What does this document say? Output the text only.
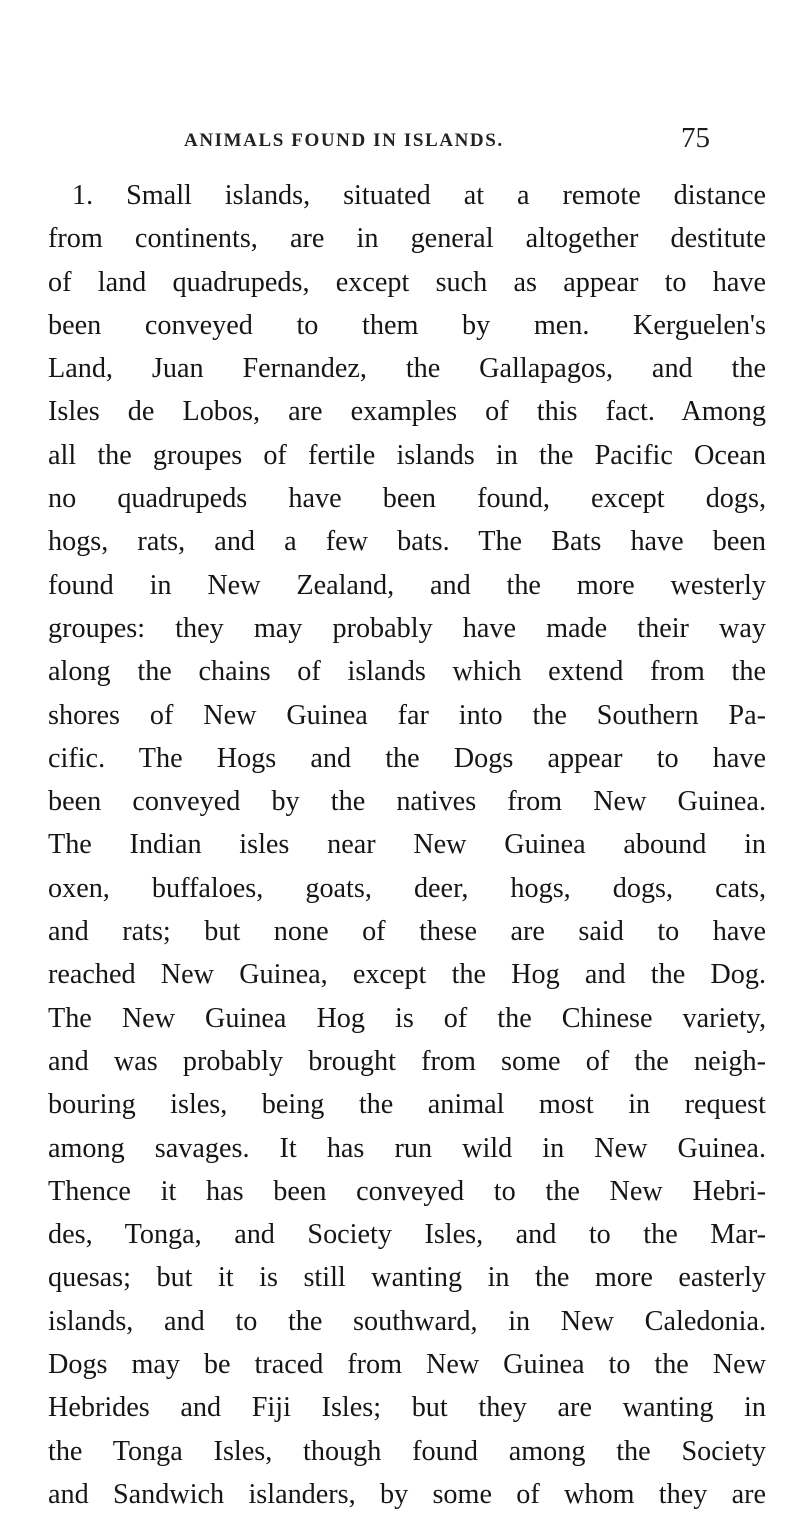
ANIMALS FOUND IN ISLANDS.	75
1. Small islands, situated at a remote distance
from continents, are in general altogether destitute
of land quadrupeds, except such as appear to have
been conveyed to them by men. Kerguelen's
Land, Juan Fernandez, the Gallapagos, and the
Isles de Lobos, are examples of this fact. Among
all the groupes of fertile islands in the Pacific Ocean
no quadrupeds have been found, except dogs,
hogs, rats, and a few bats. The Bats have been
found in New Zealand, and the more westerly
groupes: they may probably have made their way
along the chains of islands which extend from the
shores of New Guinea far into the Southern Pa-
cific. The Hogs and the Dogs appear to have
been conveyed by the natives from New Guinea.
The Indian isles near New Guinea abound in
oxen, buffaloes, goats, deer, hogs, dogs, cats,
and rats; but none of these are said to have
reached New Guinea, except the Hog and the Dog.
The New Guinea Hog is of the Chinese variety,
and was probably brought from some of the neigh-
bouring isles, being the animal most in request
among savages. It has run wild in New Guinea.
Thence it has been conveyed to the New Hebri-
des, Tonga, and Society Isles, and to the Mar-
quesas; but it is still wanting in the more easterly
islands, and to the southward, in New Caledonia.
Dogs may be traced from New Guinea to the New
Hebrides and Fiji Isles; but they are wanting in
the Tonga Isles, though found among the Society
and Sandwich islanders, by some of whom they are
